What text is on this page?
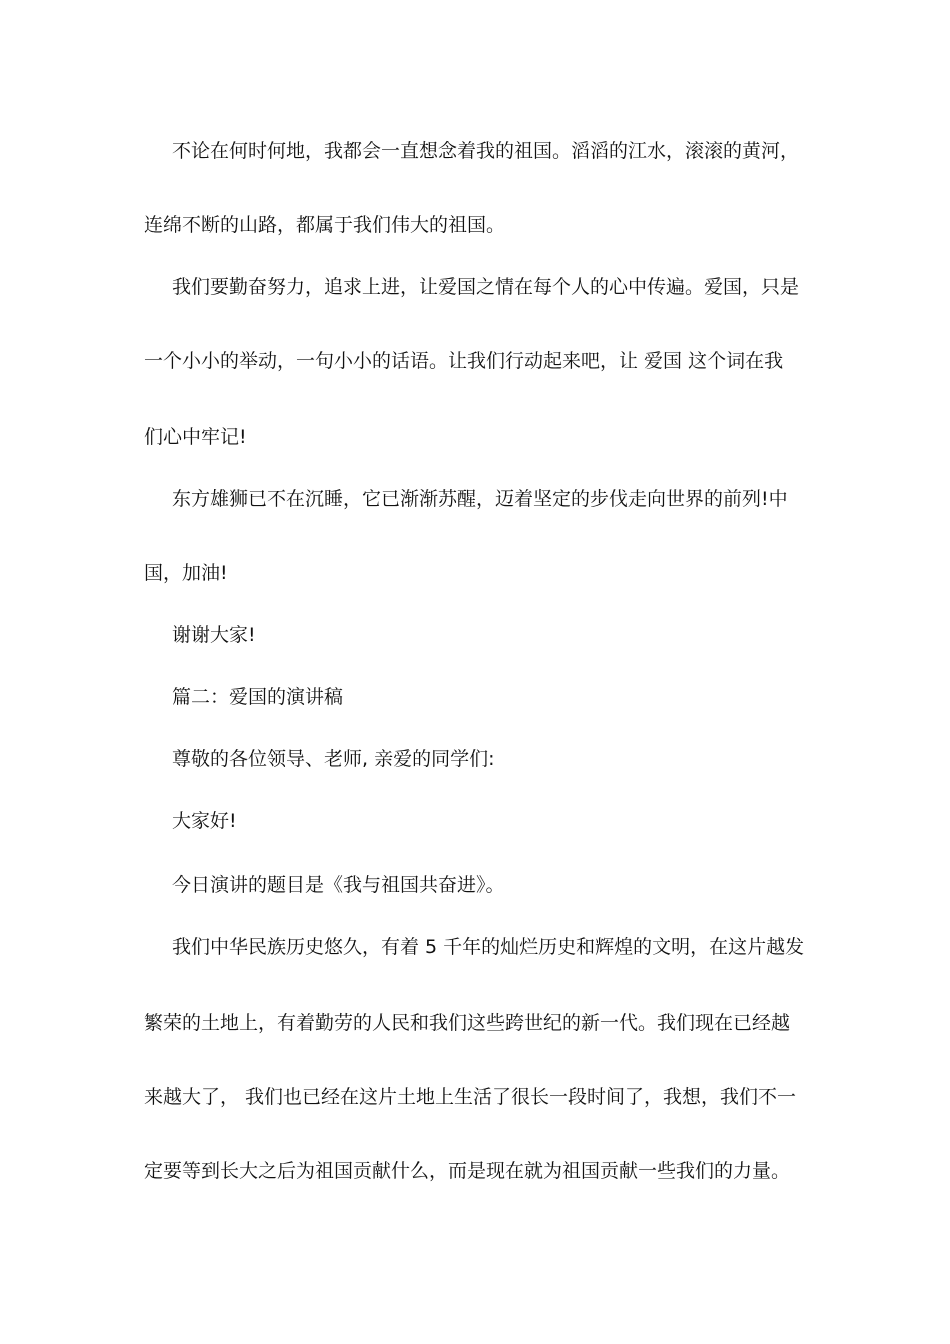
不论在何时何地，我都会一直想念着我的祖国。滔滔的江水，滚滚的黄河，
连绵不断的山路，都属于我们伟大的祖国。
我们要勤奋努力，追求上进，让爱国之情在每个人的心中传遍。爱国，只是
一个小小的举动，一句小小的话语。让我们行动起来吧，让 爱国 这个词在我
们心中牢记!
东方雄狮已不在沉睡，它已渐渐苏醒，迈着坚定的步伐走向世界的前列!中
国，加油!
谢谢大家!
篇二：爱国的演讲稿
尊敬的各位领导、老师, 亲爱的同学们:
大家好!
今日演讲的题目是《我与祖国共奋进》。
我们中华民族历史悠久，有着 5 千年的灿烂历史和辉煌的文明，在这片越发
繁荣的土地上，有着勤劳的人民和我们这些跨世纪的新一代。我们现在已经越
来越大了， 我们也已经在这片土地上生活了很长一段时间了，我想，我们不一
定要等到长大之后为祖国贡献什么，而是现在就为祖国贡献一些我们的力量。
